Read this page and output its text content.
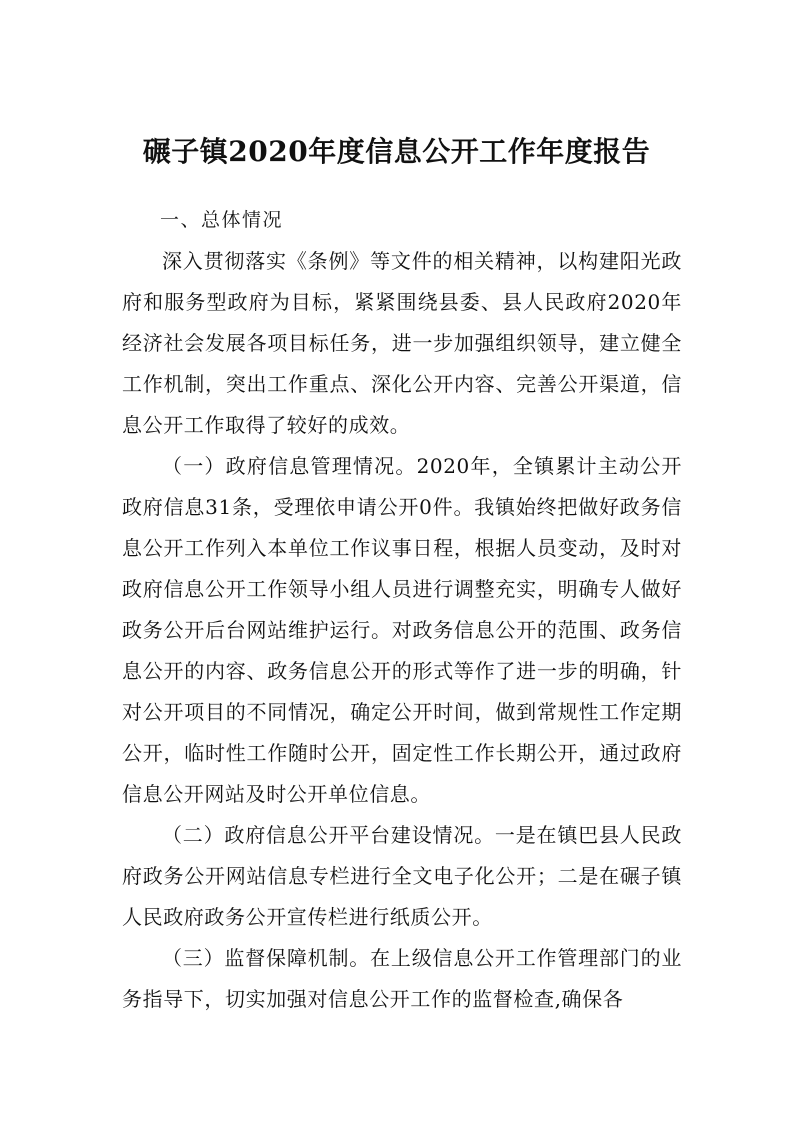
碾子镇2020年度信息公开工作年度报告

一、总体情况

深入贯彻落实《条例》等文件的相关精神，以构建阳光政府和服务型政府为目标，紧紧围绕县委、县人民政府2020年经济社会发展各项目标任务，进一步加强组织领导，建立健全工作机制，突出工作重点、深化公开内容、完善公开渠道，信息公开工作取得了较好的成效。

（一）政府信息管理情况。2020年，全镇累计主动公开政府信息31条，受理依申请公开0件。我镇始终把做好政务信息公开工作列入本单位工作议事日程，根据人员变动，及时对政府信息公开工作领导小组人员进行调整充实，明确专人做好政务公开后台网站维护运行。对政务信息公开的范围、政务信息公开的内容、政务信息公开的形式等作了进一步的明确，针对公开项目的不同情况，确定公开时间，做到常规性工作定期公开，临时性工作随时公开，固定性工作长期公开，通过政府信息公开网站及时公开单位信息。

（二）政府信息公开平台建设情况。一是在镇巴县人民政府政务公开网站信息专栏进行全文电子化公开；二是在碾子镇人民政府政务公开宣传栏进行纸质公开。

（三）监督保障机制。在上级信息公开工作管理部门的业务指导下，切实加强对信息公开工作的监督检查,确保各
